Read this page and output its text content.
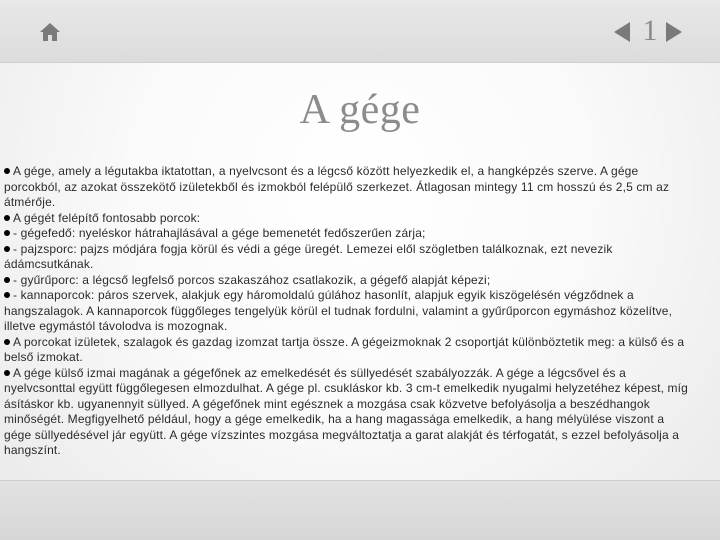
1
A gége
A gége, amely a légutakba iktatottan, a nyelvcsont és a légcső között helyezkedik el, a hangképzés szerve. A gége porcokból, az azokat összekötő izületekből és izmokból felépülő szerkezet. Átlagosan mintegy 11 cm hosszú és 2,5 cm az átmérője.
A gégét felépítő fontosabb porcok:
- gégefedő: nyeléskor hátrahajlásával a gége bemenetét fedőszerűen zárja;
- pajzsporc: pajzs módjára fogja körül és védi a gége üregét. Lemezei elől szögletben találkoznak, ezt nevezik ádámcsutkának.
- gyűrűporc: a légcső legfelső porcos szakaszához csatlakozik, a gégefő alapját képezi;
- kannaporcok: páros szervek, alakjuk egy háromoldalú gúlához hasonlít, alapjuk egyik kiszögelésén végződnek a hangszalagok. A kannaporcok függőleges tengelyük körül el tudnak fordulni, valamint a gyűrűporcon egymáshoz közelítve, illetve egymástól távolodva is mozognak.
A porcokat izületek, szalagok és gazdag izomzat tartja össze. A gégeizmoknak 2 csoportját különböztetik meg: a külső és a belső izmokat.
A gége külső izmai magának a gégefőnek az emelkedését és süllyedését szabályozzák. A gége a légcsővel és a nyelvcsonttal együtt függőlegesen elmozdulhat. A gége pl. csukláskor kb. 3 cm-t emelkedik nyugalmi helyzetéhez képest, míg ásításkor kb. ugyanennyit süllyed. A gégefőnek mint egésznek a mozgása csak közvetve befolyásolja a beszédhangok minőségét. Megfigyelhető például, hogy a gége emelkedik, ha a hang magassága emelkedik, a hang mélyülése viszont a gége süllyedésével jár együtt. A gége vízszintes mozgása megváltoztatja a garat alakját és térfogatát, s ezzel befolyásolja a hangszínt.
